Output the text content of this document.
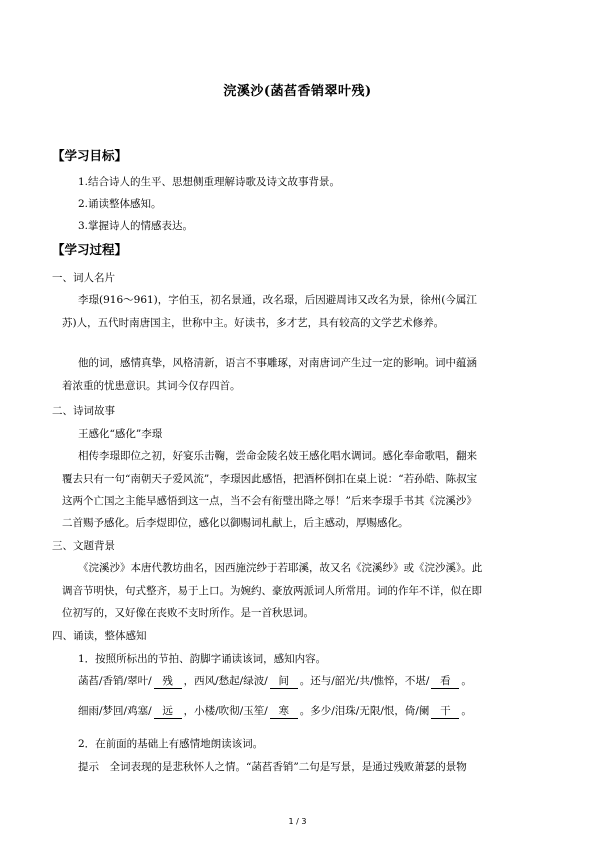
浣溪沙(菡萏香销翠叶残)
【学习目标】
1.结合诗人的生平、思想侧重理解诗歌及诗文故事背景。
2.诵读整体感知。
3.掌握诗人的情感表达。
【学习过程】
一、词人名片
李璟(916～961)，字伯玉，初名景通，改名璟，后因避周讳又改名为景，徐州(今属江
苏)人，五代时南唐国主，世称中主。好读书，多才艺，具有较高的文学艺术修养。
他的词，感情真挚，风格清新，语言不事雕琢，对南唐词产生过一定的影响。词中蕴涵
着浓重的忧患意识。其词今仅存四首。
二、诗词故事
王感化“感化”李璟
相传李璟即位之初，好宴乐击鞠，尝命金陵名妓王感化唱水调词。感化奉命歌唱，翻来
覆去只有一句“南朝天子爱风流”，李璟因此感悟，把酒杯倒扣在桌上说：“若孙皓、陈叔宝
这两个亡国之主能早感悟到这一点，当不会有衔璧出降之辱！”后来李璟手书其《浣溪沙》
二首赐予感化。后李煜即位，感化以御赐词札献上，后主感动，厚赐感化。
三、文题背景
《浣溪沙》本唐代教坊曲名，因西施浣纱于若耶溪，故又名《浣溪纱》或《浣沙溪》。此
调音节明快，句式整齐，易于上口。为婉约、豪放两派词人所常用。词的作年不详，似在即
位初写的，又好像在丧败不支时所作。是一首秋思词。
四、诵读，整体感知
1．按照所标出的节拍、韵脚字诵读该词，感知内容。
菡萏/香销/翠叶/ 残 ，西风/愁起/绿波/ 间 。还与/韶光/共/憔悴，不堪/ 看 。
细雨/梦回/鸡塞/ 远 ，小楼/吹彻/玉笙/ 寒 。多少/泪珠/无限/恨，倚/阑 干 。
2．在前面的基础上有感情地朗读该词。
提示　全词表现的是悲秋怀人之情。“菡萏香销”二句是写景，是通过残败萧瑟的景物
1 / 3
